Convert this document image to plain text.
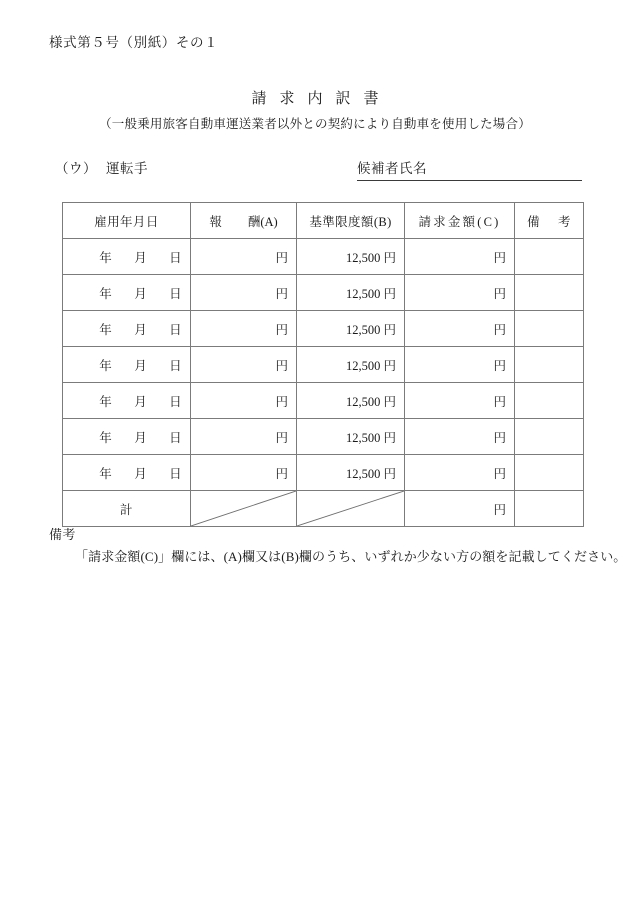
様式第５号（別紙）その１
請求内訳書
（一般乗用旅客自動車運送業者以外との契約により自動車を使用した場合）
（ウ） 運転手	候補者氏名
雇用年月日	報 酬(A)	基準限度額(B)	請求金額(C)	備 考
年 月 日	円	12,500 円	円	
年 月 日	円	12,500 円	円	
年 月 日	円	12,500 円	円	
年 月 日	円	12,500 円	円	
年 月 日	円	12,500 円	円	
年 月 日	円	12,500 円	円	
年 月 日	円	12,500 円	円	
計			円	
備考
「請求金額(C)」欄には、(A)欄又は(B)欄のうち、いずれか少ない方の額を記載してください。
